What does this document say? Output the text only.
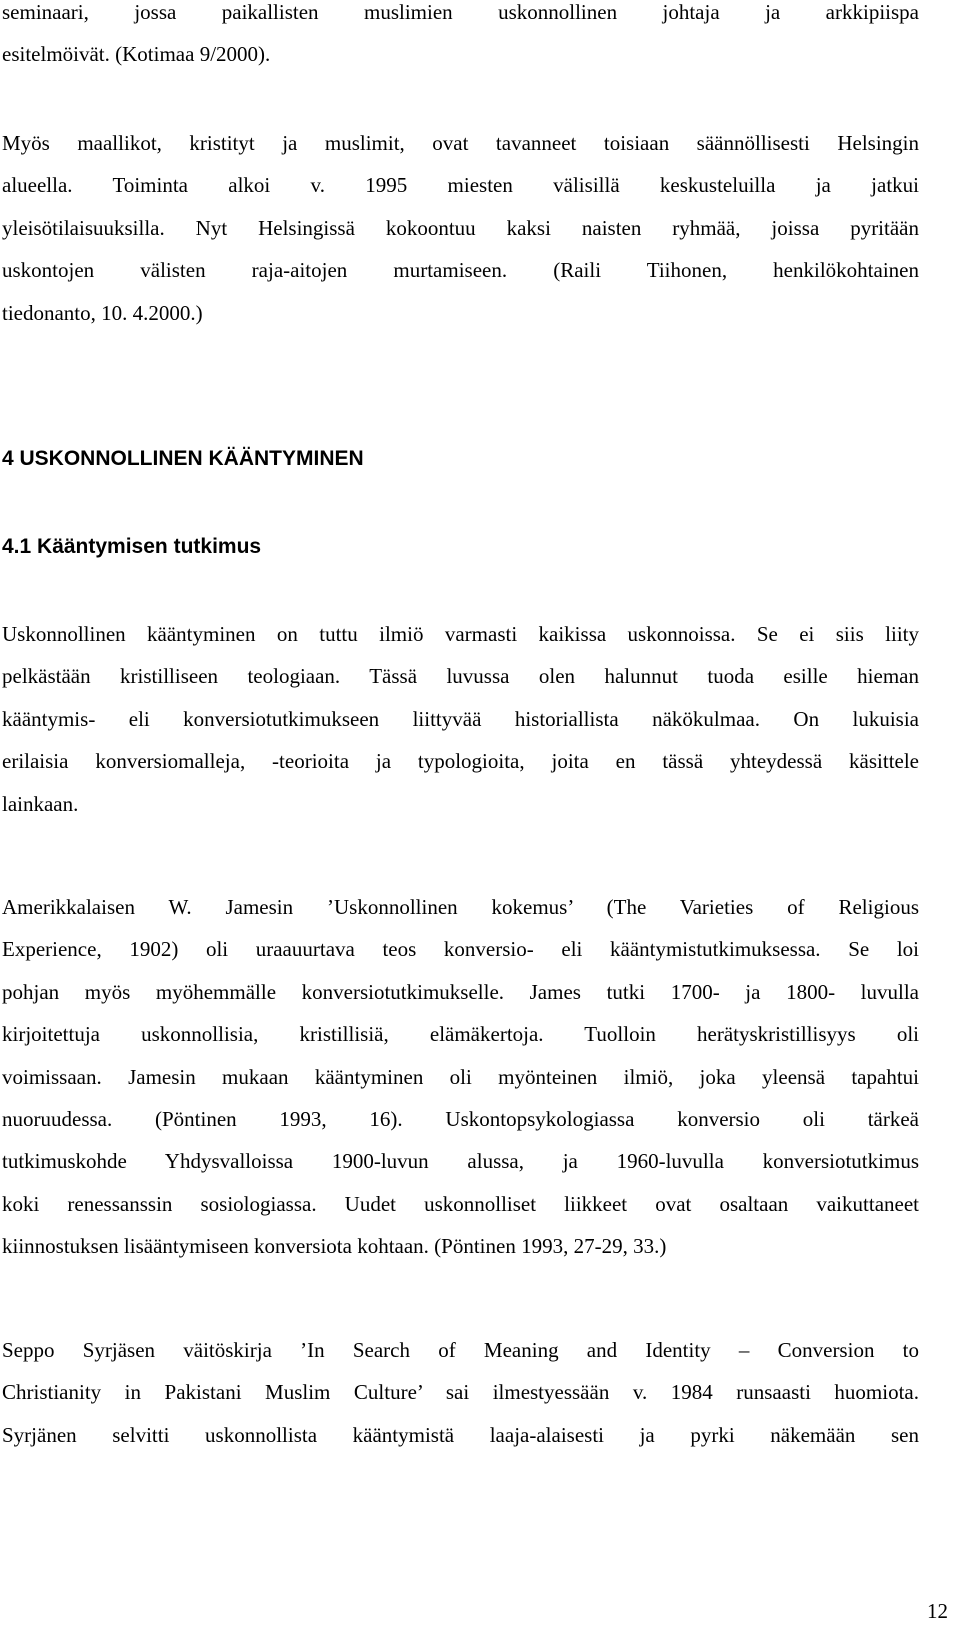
seminaari, jossa paikallisten muslimien uskonnollinen johtaja ja arkkipiispa
esitelmöivät. (Kotimaa 9/2000).
Myös maallikot, kristityt ja muslimit, ovat tavanneet toisiaan säännöllisesti Helsingin
alueella. Toiminta alkoi v. 1995 miesten välisillä keskusteluilla ja jatkui
yleisötilaisuuksilla. Nyt Helsingissä kokoontuu kaksi naisten ryhmää, joissa pyritään
uskontojen välisten raja-aitojen murtamiseen. (Raili Tiihonen, henkilökohtainen
tiedonanto, 10. 4.2000.)
4 USKONNOLLINEN KÄÄNTYMINEN
4.1 Kääntymisen tutkimus
Uskonnollinen kääntyminen on tuttu ilmiö varmasti kaikissa uskonnoissa. Se ei siis liity
pelkästään kristilliseen teologiaan. Tässä luvussa olen halunnut tuoda esille hieman
kääntymis- eli konversiotutkimukseen liittyvää historiallista näkökulmaa. On lukuisia
erilaisia konversiomalleja, -teorioita ja typologioita, joita en tässä yhteydessä käsittele
lainkaan.
Amerikkalaisen W. Jamesin ’Uskonnollinen kokemus’ (The Varieties of Religious
Experience, 1902) oli uraauurtava teos konversio- eli kääntymistutkimuksessa. Se loi
pohjan myös myöhemmälle konversiotutkimukselle. James tutki 1700- ja 1800- luvulla
kirjoitettuja uskonnollisia, kristillisiä, elämäkertoja. Tuolloin herätyskristillisyys oli
voimissaan. Jamesin mukaan kääntyminen oli myönteinen ilmiö, joka yleensä tapahtui
nuoruudessa. (Pöntinen 1993, 16). Uskontopsykologiassa konversio oli tärkeä
tutkimuskohde Yhdysvalloissa 1900-luvun alussa, ja 1960-luvulla konversiotutkimus
koki renessanssin sosiologiassa. Uudet uskonnolliset liikkeet ovat osaltaan vaikuttaneet
kiinnostuksen lisääntymiseen konversiota kohtaan. (Pöntinen 1993, 27-29, 33.)
Seppo Syrjäsen väitöskirja ’In Search of Meaning and Identity – Conversion to
Christianity in Pakistani Muslim Culture’ sai ilmestyessään v. 1984 runsaasti huomiota.
Syrjänen selvitti uskonnollista kääntymistä laaja-alaisesti ja pyrki näkemään sen
12
